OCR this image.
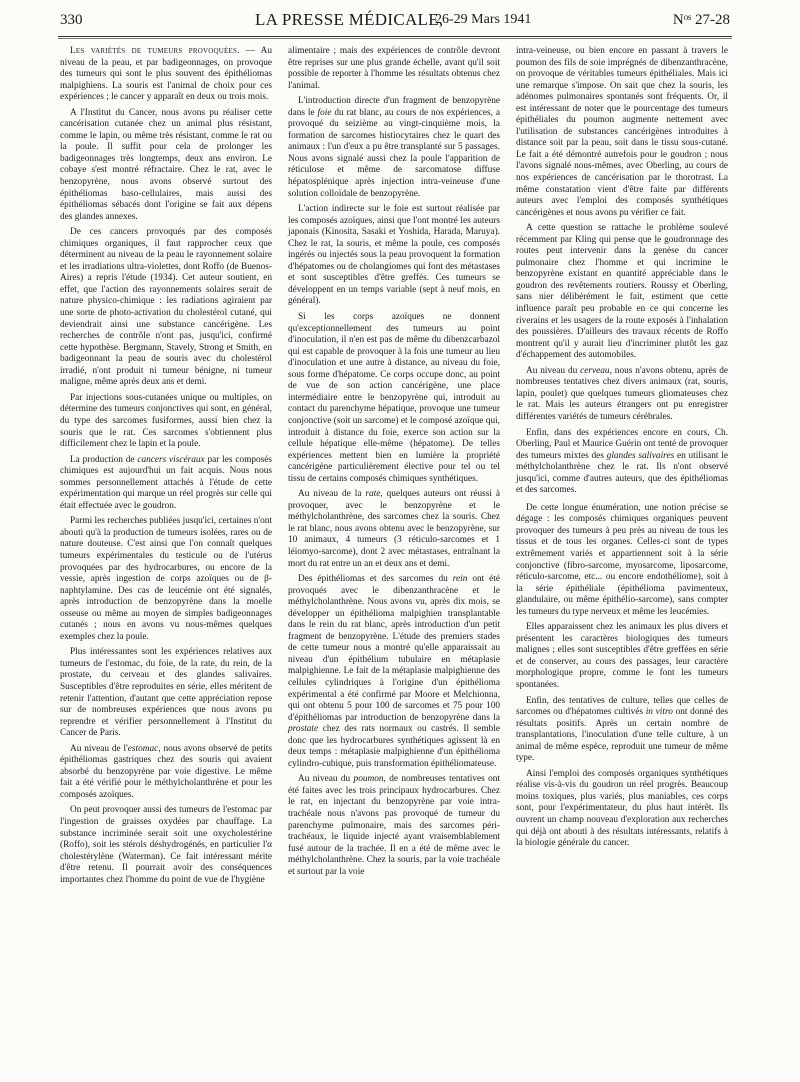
330	LA PRESSE MÉDICALE,
26-29 Mars 1941	Nᵒˢ 27-28

Les variétés de tumeurs provoquées. — Au niveau de la peau, et par badigeonnages, on provoque des tumeurs qui sont le plus souvent des épithéliomas malpighiens. La souris est l'animal de choix pour ces expériences ; le cancer y apparaît en deux ou trois mois.

A l'Institut du Cancer, nous avons pu réaliser cette cancérisation cutanée chez un animal plus résistant, comme le lapin, ou même très résistant, comme le rat ou la poule. Il suffit pour cela de prolonger les badigeonnages très longtemps, deux ans environ. Le cobaye s'est montré réfractaire. Chez le rat, avec le benzopyrène, nous avons observé surtout des épithéliomas baso-cellulaires, mais aussi des épithéliomas sébacés dont l'origine se fait aux dépens des glandes annexes.

De ces cancers provoqués par des composés chimiques organiques, il faut rapprocher ceux que déterminent au niveau de la peau le rayonnement solaire et les irradiations ultra-violettes, dont Roffo (de Buenos-Aires) a repris l'étude (1934). Cet auteur soutient, en effet, que l'action des rayonnements solaires serait de nature physico-chimique : les radiations agiraient par une sorte de photo-activation du cholestérol cutané, qui deviendrait ainsi une substance cancérigène. Les recherches de contrôle n'ont pas, jusqu'ici, confirmé cette hypothèse. Bergmann, Stavely, Strong et Smith, en badigeonnant la peau de souris avec du cholestérol irradié, n'ont produit ni tumeur bénigne, ni tumeur maligne, même après deux ans et demi.

Par injections sous-cutanées unique ou multiples, on détermine des tumeurs conjonctives qui sont, en général, du type des sarcomes fusiformes, aussi bien chez la souris que le rat. Ces sarcomes s'obtiennent plus difficilement chez le lapin et la poule.

La production de cancers viscéraux par les composés chimiques est aujourd'hui un fait acquis. Nous nous sommes personnellement attachés à l'étude de cette expérimentation qui marque un réel progrès sur celle qui était effectuée avec le goudron.

Parmi les recherches publiées jusqu'ici, certaines n'ont abouti qu'à la production de tumeurs isolées, rares ou de nature douteuse. C'est ainsi que l'on connaît quelques tumeurs expérimentales du testicule ou de l'utérus provoquées par des hydrocarbures, ou encore de la vessie, après ingestion de corps azoïques ou de β-naphtylamine. Des cas de leucémie ont été signalés, après introduction de benzopyrène dans la moelle osseuse ou même au moyen de simples badigeonnages cutanés ; nous en avons vu nous-mêmes quelques exemples chez la poule.

Plus intéressantes sont les expériences relatives aux tumeurs de l'estomac, du foie, de la rate, du rein, de la prostate, du cerveau et des glandes salivaires. Susceptibles d'être reproduites en série, elles méritent de retenir l'attention, d'autant que cette appréciation repose sur de nombreuses expériences que nous avons pu reprendre et vérifier personnellement à l'Institut du Cancer de Paris.

Au niveau de l'estomac, nous avons observé de petits épithéliomas gastriques chez des souris qui avaient absorbé du benzopyrène par voie digestive. Le même fait a été vérifié pour le méthylcholanthrène et pour les composés azoïques.

On peut provoquer aussi des tumeurs de l'estomac par l'ingestion de graisses oxydées par chauffage. La substance incriminée serait soit une oxycholestérine (Roffo), soit les stérols déshydrogénés, en particulier l'α cholestérylène (Waterman). Ce fait intéressant mérite d'être retenu. Il pourrait avoir des conséquences importantes chez l'homme du point de vue de l'hygiène

alimentaire ; mais des expériences de contrôle devront être reprises sur une plus grande échelle, avant qu'il soit possible de reporter à l'homme les résultats obtenus chez l'animal.

L'introduction directe d'un fragment de benzopyrène dans le foie du rat blanc, au cours de nos expériences, a provoqué du seizième au vingt-cinquième mois, la formation de sarcomes histiocytaires chez le quart des animaux : l'un d'eux a pu être transplanté sur 5 passages. Nous avons signalé aussi chez la poule l'apparition de réticulose et même de sarcomatose diffuse hépatosplénique après injection intra-veineuse d'une solution colloïdale de benzopyrène.

L'action indirecte sur le foie est surtout réalisée par les composés azoïques, ainsi que l'ont montré les auteurs japonais (Kinosita, Sasaki et Yoshida, Harada, Maruya). Chez le rat, la souris, et même la poule, ces composés ingérés ou injectés sous la peau provoquent la formation d'hépatomes ou de cholangiomes qui font des métastases et sont susceptibles d'être greffés. Ces tumeurs se développent en un temps variable (sept à neuf mois, en général).

Si les corps azoïques ne donnent qu'exceptionnellement des tumeurs au point d'inoculation, il n'en est pas de même du dibenzcarbazol qui est capable de provoquer à la fois une tumeur au lieu d'inoculation et une autre à distance, au niveau du foie, sous forme d'hépatome. Ce corps occupe donc, au point de vue de son action cancérigène, une place intermédiaire entre le benzopyrène qui, introduit au contact du parenchyme hépatique, provoque une tumeur conjonctive (soit un sarcome) et le composé azoïque qui, introduit à distance du foie, exerce son action sur la cellule hépatique elle-même (hépatome). De telles expériences mettent bien en lumière la propriété cancérigène particulièrement élective pour tel ou tel tissu de certains composés chimiques synthétiques.

Au niveau de la rate, quelques auteurs ont réussi à provoquer, avec le benzopyrène et le méthylcholanthrène, des sarcomes chez la souris. Chez le rat blanc, nous avons obtenu avec le benzopyrène, sur 10 animaux, 4 tumeurs (3 réticulo-sarcomes et 1 léiomyo-sarcome), dont 2 avec métastases, entraînant la mort du rat entre un an et deux ans et demi.

Des épithéliomas et des sarcomes du rein ont été provoqués avec le dibenzanthracène et le méthylcholanthrène. Nous avons vu, après dix mois, se développer un épithélioma malpighien transplantable dans le rein du rat blanc, après introduction d'un petit fragment de benzopyrène. L'étude des premiers stades de cette tumeur nous a montré qu'elle apparaissait au niveau d'un épithélium tubulaire en métaplasie malpighienne. Le fait de la métaplasie malpighienne des cellules cylindriques à l'origine d'un épithélioma expérimental a été confirmé par Moore et Melchionna, qui ont obtenu 5 pour 100 de sarcomes et 75 pour 100 d'épithéliomas par introduction de benzopyrène dans la prostate chez des rats normaux ou castrés. Il semble donc que les hydrocarbures synthétiques agissent là en deux temps : métaplasie malpighienne d'un épithélioma cylindro-cubique, puis transformation épithéliomateuse.

Au niveau du poumon, de nombreuses tentatives ont été faites avec les trois principaux hydrocarbures. Chez le rat, en injectant du benzopyrène par voie intra-trachéale nous n'avons pas provoqué de tumeur du parenchyme pulmonaire, mais des sarcomes péri-trachéaux, le liquide injecté ayant vraisemblablement fusé autour de la trachée. Il en a été de même avec le méthylcholanthrène. Chez la souris, par la voie trachéale et surtout par la voie

intra-veineuse, ou bien encore en passant à travers le poumon des fils de soie imprégnés de dibenzanthracène, on provoque de véritables tumeurs épithéliales. Mais ici une remarque s'impose. On sait que chez la souris, les adénomes pulmonaires spontanés sont fréquents. Or, il est intéressant de noter que le pourcentage des tumeurs épithéliales du poumon augmente nettement avec l'utilisation de substances cancérigènes introduites à distance soit par la peau, soit dans le tissu sous-cutané. Le fait a été démontré autrefois pour le goudron ; nous l'avons signalé nous-mêmes, avec Oberling, au cours de nos expériences de cancérisation par le thorotrast. La même constatation vient d'être faite par différents auteurs avec l'emploi des composés synthétiques cancérigènes et nous avons pu vérifier ce fait.

A cette question se rattache le problème soulevé récemment par Kling qui pense que le goudronnage des routes peut intervenir dans la genèse du cancer pulmonaire chez l'homme et qui incrimine le benzopyrène existant en quantité appréciable dans le goudron des revêtements routiers. Roussy et Oberling, sans nier délibérément le fait, estiment que cette influence paraît peu probable en ce qui concerne les riverains et les usagers de la route exposés à l'inhalation des poussières. D'ailleurs des travaux récents de Roffo montrent qu'il y aurait lieu d'incriminer plutôt les gaz d'échappement des automobiles.

Au niveau du cerveau, nous n'avons obtenu, après de nombreuses tentatives chez divers animaux (rat, souris, lapin, poulet) que quelques tumeurs gliomateuses chez le rat. Mais les auteurs étrangers ont pu enregistrer différentes variétés de tumeurs cérébrales.

Enfin, dans des expériences encore en cours, Ch. Oberling, Paul et Maurice Guérin ont tenté de provoquer des tumeurs mixtes des glandes salivaires en utilisant le méthylcholanthrène chez le rat. Ils n'ont observé jusqu'ici, comme d'autres auteurs, que des épithéliomas et des sarcomes.

De cette longue énumération, une notion précise se dégage : les composés chimiques organiques peuvent provoquer des tumeurs à peu près au niveau de tous les tissus et de tous les organes. Celles-ci sont de types extrêmement variés et appartiennent soit à la série conjonctive (fibro-sarcome, myosarcome, liposarcome, réticulo-sarcome, etc... ou encore endothéliome), soit à la série épithéliale (épithélioma pavimenteux, glandulaire, ou même épithélio-sarcome), sans compter les tumeurs du type nerveux et même les leucémies.

Elles apparaissent chez les animaux les plus divers et présentent les caractères biologiques des tumeurs malignes ; elles sont susceptibles d'être greffées en série et de conserver, au cours des passages, leur caractère morphologique propre, comme le font les tumeurs spontanées.

Enfin, des tentatives de culture, telles que celles de sarcomes ou d'hépatomes cultivés in vitro ont donné des résultats positifs. Après un certain nombre de transplantations, l'inoculation d'une telle culture, à un animal de même espèce, reproduit une tumeur de même type.

Ainsi l'emploi des composés organiques synthétiques réalise vis-à-vis du goudron un réel progrès. Beaucoup moins toxiques, plus variés, plus maniables, ces corps sont, pour l'expérimentateur, du plus haut intérêt. Ils ouvrent un champ nouveau d'exploration aux recherches qui déjà ont abouti à des résultats intéressants, relatifs à la biologie générale du cancer.
